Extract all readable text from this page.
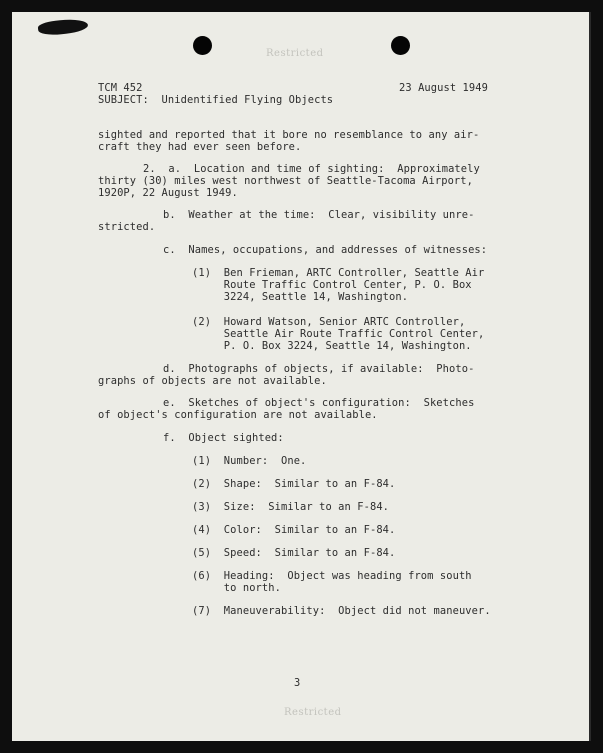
Restricted

TCM 452	23 August 1949

SUBJECT:  Unidentified Flying Objects

sighted and reported that it bore no resemblance to any air-
craft they had ever seen before.

2.  a.  Location and time of sighting:  Approximately
thirty (30) miles west northwest of Seattle-Tacoma Airport,
1920P, 22 August 1949.

b.  Weather at the time:  Clear, visibility unre-
stricted.

c.  Names, occupations, and addresses of witnesses:

(1)  Ben Frieman, ARTC Controller, Seattle Air
Route Traffic Control Center, P. O. Box
3224, Seattle 14, Washington.

(2)  Howard Watson, Senior ARTC Controller,
Seattle Air Route Traffic Control Center,
P. O. Box 3224, Seattle 14, Washington.

d.  Photographs of objects, if available:  Photo-
graphs of objects are not available.

e.  Sketches of object's configuration:  Sketches
of object's configuration are not available.

f.  Object sighted:

(1)  Number:  One.

(2)  Shape:  Similar to an F-84.

(3)  Size:  Similar to an F-84.

(4)  Color:  Similar to an F-84.

(5)  Speed:  Similar to an F-84.

(6)  Heading:  Object was heading from south
to north.

(7)  Maneuverability:  Object did not maneuver.

3

Restricted
